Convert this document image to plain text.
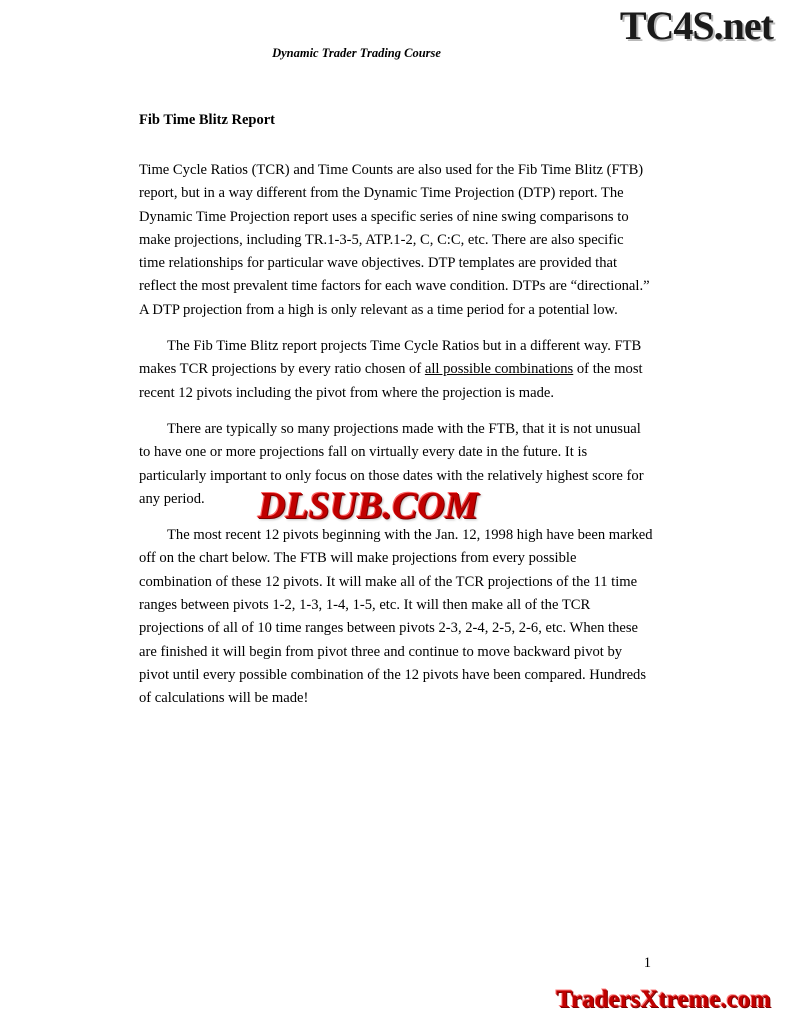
TC4S.net
Dynamic Trader Trading Course
Fib Time Blitz Report

Time Cycle Ratios (TCR) and Time Counts are also used for the Fib Time Blitz (FTB) report, but in a way different from the Dynamic Time Projection (DTP) report. The Dynamic Time Projection report uses a specific series of nine swing comparisons to make projections, including TR.1-3-5, ATP.1-2, C, C:C, etc. There are also specific time relationships for particular wave objectives. DTP templates are provided that reflect the most prevalent time factors for each wave condition. DTPs are “directional.” A DTP projection from a high is only relevant as a time period for a potential low.

The Fib Time Blitz report projects Time Cycle Ratios but in a different way. FTB makes TCR projections by every ratio chosen of all possible combinations of the most recent 12 pivots including the pivot from where the projection is made.

There are typically so many projections made with the FTB, that it is not unusual to have one or more projections fall on virtually every date in the future. It is particularly important to only focus on those dates with the relatively highest score for any period.

The most recent 12 pivots beginning with the Jan. 12, 1998 high have been marked off on the chart below. The FTB will make projections from every possible combination of these 12 pivots. It will make all of the TCR projections of the 11 time ranges between pivots 1-2, 1-3, 1-4, 1-5, etc. It will then make all of the TCR projections of all of 10 time ranges between pivots 2-3, 2-4, 2-5, 2-6, etc. When these are finished it will begin from pivot three and continue to move backward pivot by pivot until every possible combination of the 12 pivots have been compared. Hundreds of calculations will be made!

DLSUB.COM
1
TradersXtreme.com
